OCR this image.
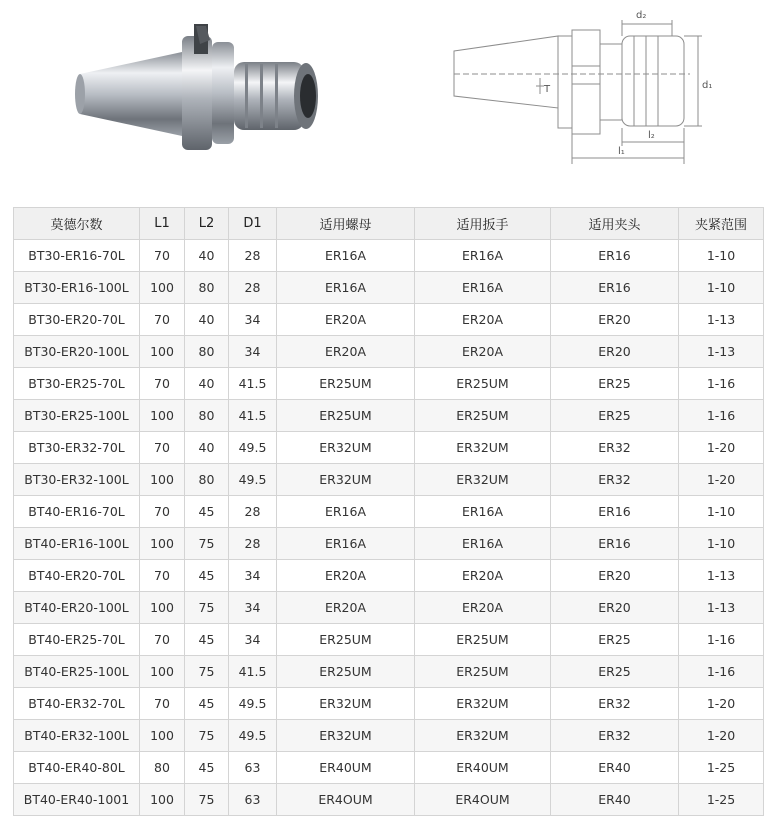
d₂
d₁
T
l₂
l₁
莫德尔数	L1	L2	D1	适用螺母	适用扳手	适用夹头	夹紧范围
BT30-ER16-70L	70	40	28	ER16A	ER16A	ER16	1-10
BT30-ER16-100L	100	80	28	ER16A	ER16A	ER16	1-10
BT30-ER20-70L	70	40	34	ER20A	ER20A	ER20	1-13
BT30-ER20-100L	100	80	34	ER20A	ER20A	ER20	1-13
BT30-ER25-70L	70	40	41.5	ER25UM	ER25UM	ER25	1-16
BT30-ER25-100L	100	80	41.5	ER25UM	ER25UM	ER25	1-16
BT30-ER32-70L	70	40	49.5	ER32UM	ER32UM	ER32	1-20
BT30-ER32-100L	100	80	49.5	ER32UM	ER32UM	ER32	1-20
BT40-ER16-70L	70	45	28	ER16A	ER16A	ER16	1-10
BT40-ER16-100L	100	75	28	ER16A	ER16A	ER16	1-10
BT40-ER20-70L	70	45	34	ER20A	ER20A	ER20	1-13
BT40-ER20-100L	100	75	34	ER20A	ER20A	ER20	1-13
BT40-ER25-70L	70	45	34	ER25UM	ER25UM	ER25	1-16
BT40-ER25-100L	100	75	41.5	ER25UM	ER25UM	ER25	1-16
BT40-ER32-70L	70	45	49.5	ER32UM	ER32UM	ER32	1-20
BT40-ER32-100L	100	75	49.5	ER32UM	ER32UM	ER32	1-20
BT40-ER40-80L	80	45	63	ER40UM	ER40UM	ER40	1-25
BT40-ER40-1001	100	75	63	ER4OUM	ER4OUM	ER40	1-25
